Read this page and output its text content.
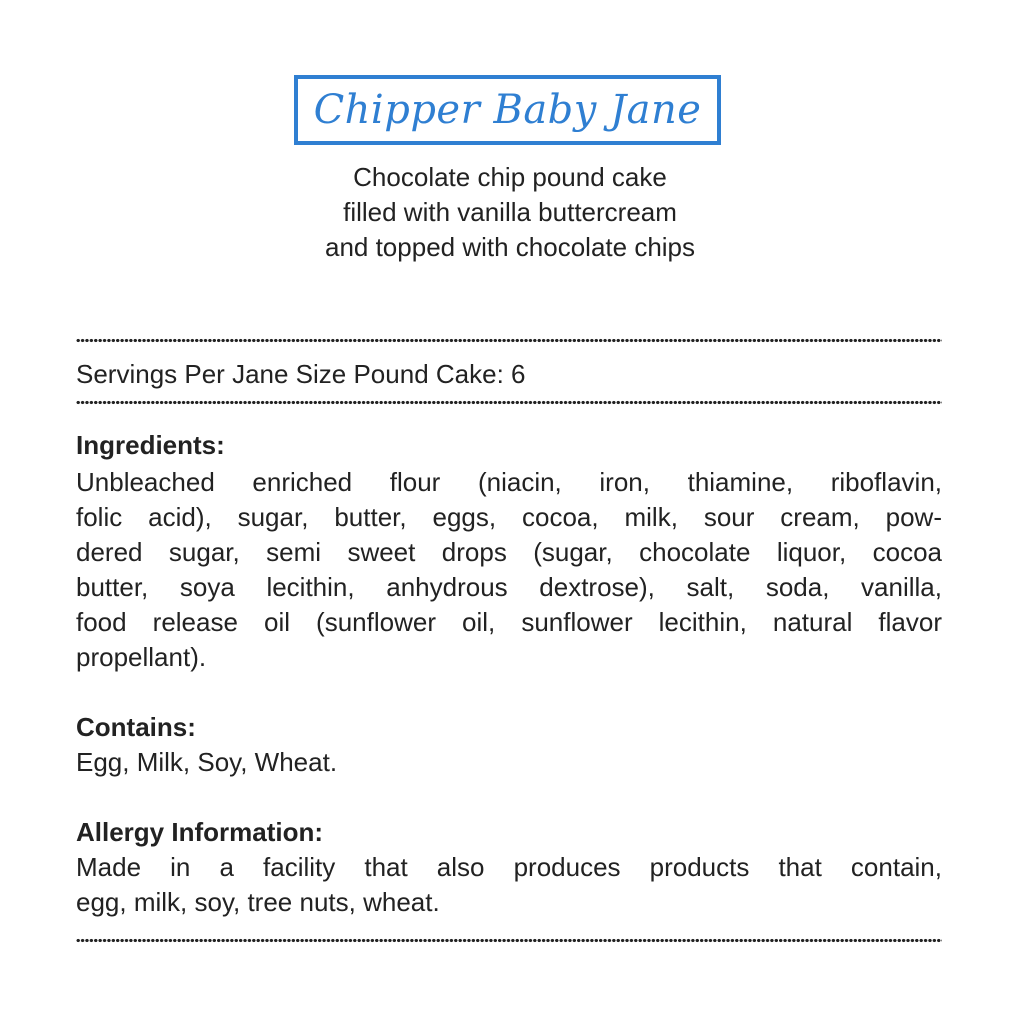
Chipper Baby Jane
Chocolate chip pound cake
filled with vanilla buttercream
and topped with chocolate chips
Servings Per Jane Size Pound Cake: 6
Ingredients:
Unbleached enriched flour (niacin, iron, thiamine, riboflavin,
folic acid), sugar, butter, eggs, cocoa, milk, sour cream, pow-
dered sugar, semi sweet drops (sugar, chocolate liquor, cocoa
butter, soya lecithin, anhydrous dextrose), salt, soda, vanilla,
food release oil (sunflower oil, sunflower lecithin, natural flavor
propellant).
Contains:
Egg, Milk, Soy, Wheat.
Allergy Information:
Made in a facility that also produces products that contain,
egg, milk, soy, tree nuts, wheat.
